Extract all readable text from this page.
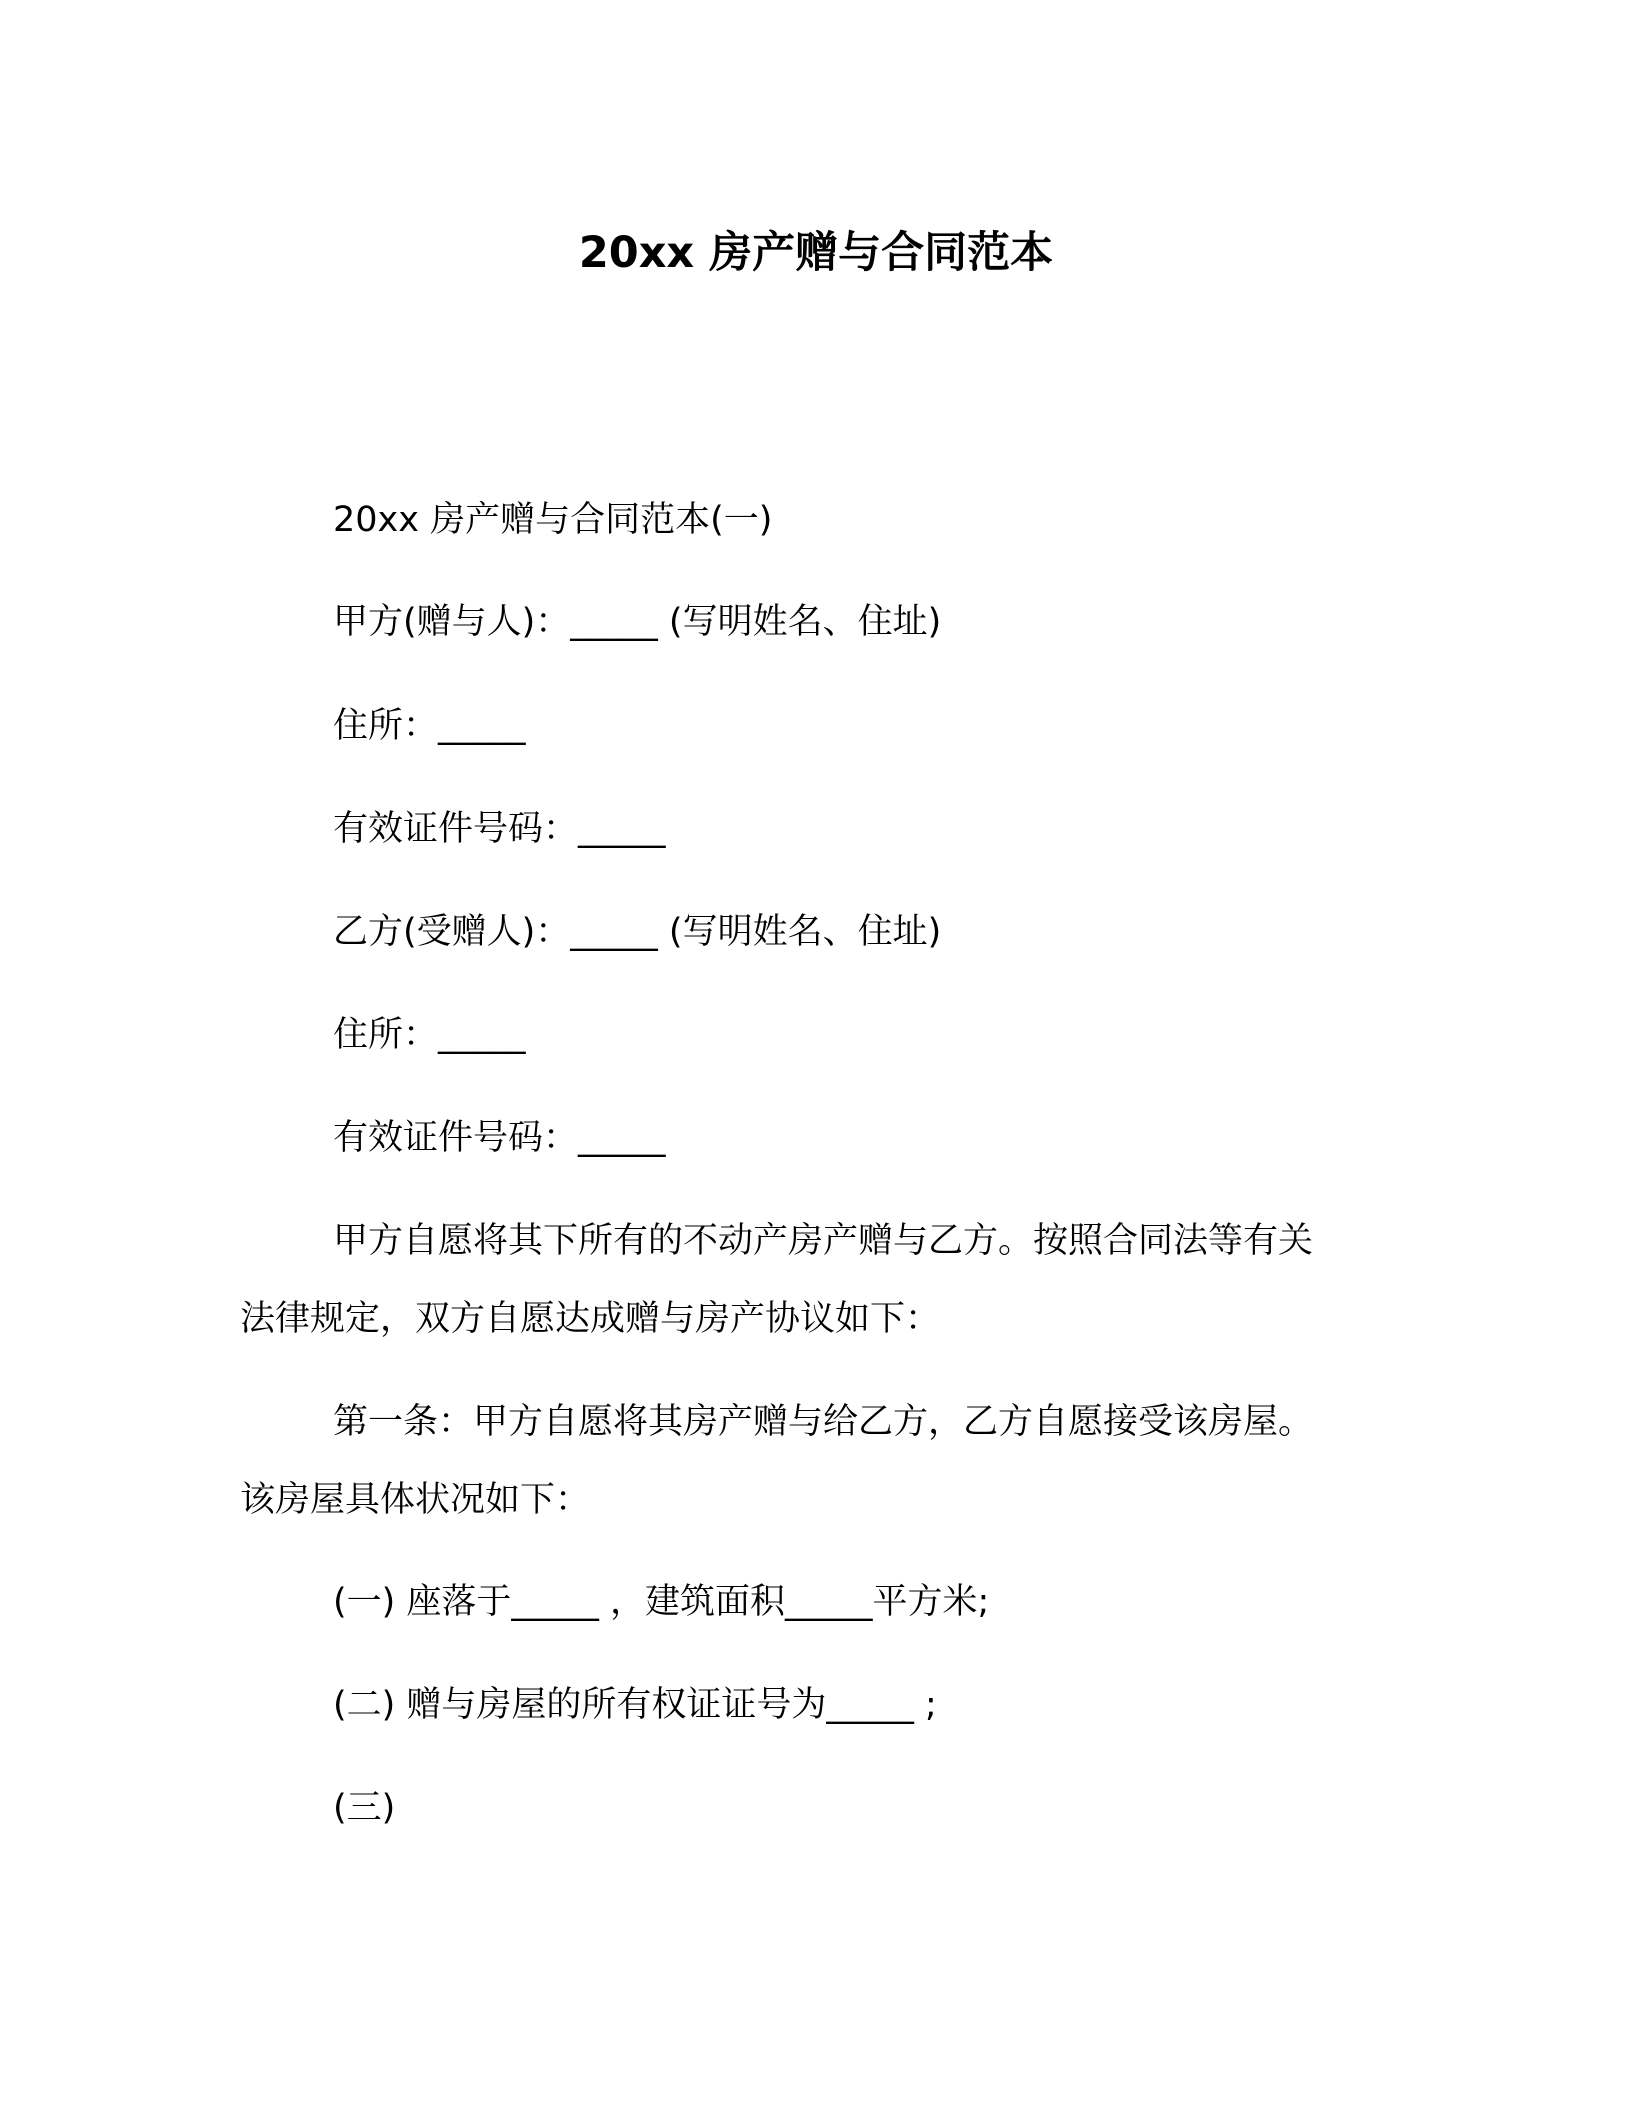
20xx 房产赠与合同范本

20xx 房产赠与合同范本(一)

甲方(赠与人)：_____ (写明姓名、住址)

住所：_____

有效证件号码：_____

乙方(受赠人)：_____ (写明姓名、住址)

住所：_____

有效证件号码：_____

甲方自愿将其下所有的不动产房产赠与乙方。按照合同法等有关

法律规定，双方自愿达成赠与房产协议如下：

第一条：甲方自愿将其房产赠与给乙方，乙方自愿接受该房屋。

该房屋具体状况如下：

(一) 座落于_____ ，建筑面积_____平方米;

(二) 赠与房屋的所有权证证号为_____ ;

(三)
